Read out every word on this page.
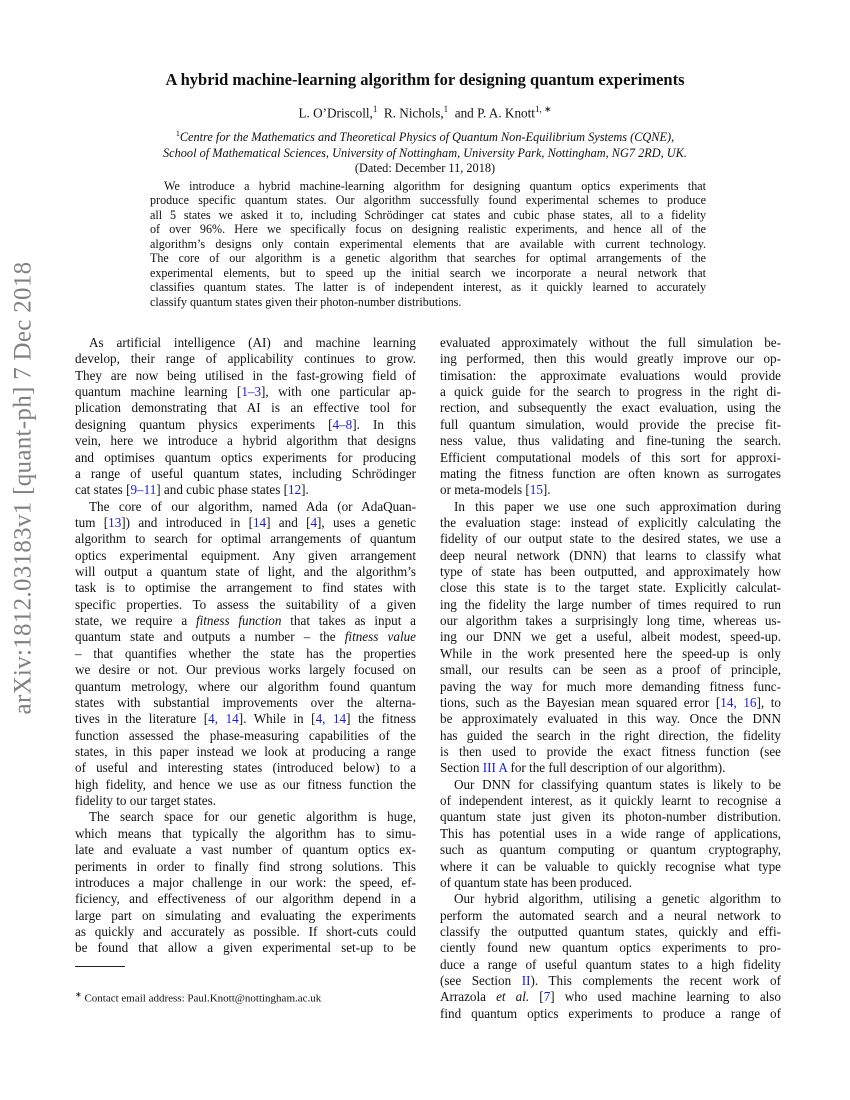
arXiv:1812.03183v1 [quant-ph] 7 Dec 2018
A hybrid machine-learning algorithm for designing quantum experiments
L. O’Driscoll,$^1$ R. Nichols,$^1$ and P. A. Knott$^{1, ∗}$
$^1$Centre for the Mathematics and Theoretical Physics of Quantum Non-Equilibrium Systems (CQNE),
School of Mathematical Sciences, University of Nottingham, University Park, Nottingham, NG7 2RD, UK.
(Dated: December 11, 2018)
We introduce a hybrid machine-learning algorithm for designing quantum optics experiments that
produce specific quantum states. Our algorithm successfully found experimental schemes to produce
all 5 states we asked it to, including Schrödinger cat states and cubic phase states, all to a fidelity
of over 96%. Here we specifically focus on designing realistic experiments, and hence all of the
algorithm’s designs only contain experimental elements that are available with current technology.
The core of our algorithm is a genetic algorithm that searches for optimal arrangements of the
experimental elements, but to speed up the initial search we incorporate a neural network that
classifies quantum states. The latter is of independent interest, as it quickly learned to accurately
classify quantum states given their photon-number distributions.
As artificial intelligence (AI) and machine learning
develop, their range of applicability continues to grow.
They are now being utilised in the fast-growing field of
quantum machine learning [1–3], with one particular ap-
plication demonstrating that AI is an effective tool for
designing quantum physics experiments [4–8]. In this
vein, here we introduce a hybrid algorithm that designs
and optimises quantum optics experiments for producing
a range of useful quantum states, including Schrödinger
cat states [9–11] and cubic phase states [12].
The core of our algorithm, named Ada (or AdaQuan-
tum [13]) and introduced in [14] and [4], uses a genetic
algorithm to search for optimal arrangements of quantum
optics experimental equipment. Any given arrangement
will output a quantum state of light, and the algorithm’s
task is to optimise the arrangement to find states with
specific properties. To assess the suitability of a given
state, we require a fitness function that takes as input a
quantum state and outputs a number – the fitness value
– that quantifies whether the state has the properties
we desire or not. Our previous works largely focused on
quantum metrology, where our algorithm found quantum
states with substantial improvements over the alterna-
tives in the literature [4, 14]. While in [4, 14] the fitness
function assessed the phase-measuring capabilities of the
states, in this paper instead we look at producing a range
of useful and interesting states (introduced below) to a
high fidelity, and hence we use as our fitness function the
fidelity to our target states.
The search space for our genetic algorithm is huge,
which means that typically the algorithm has to simu-
late and evaluate a vast number of quantum optics ex-
periments in order to finally find strong solutions. This
introduces a major challenge in our work: the speed, ef-
ficiency, and effectiveness of our algorithm depend in a
large part on simulating and evaluating the experiments
as quickly and accurately as possible. If short-cuts could
be found that allow a given experimental set-up to be
evaluated approximately without the full simulation be-
ing performed, then this would greatly improve our op-
timisation: the approximate evaluations would provide
a quick guide for the search to progress in the right di-
rection, and subsequently the exact evaluation, using the
full quantum simulation, would provide the precise fit-
ness value, thus validating and fine-tuning the search.
Efficient computational models of this sort for approxi-
mating the fitness function are often known as surrogates
or meta-models [15].
In this paper we use one such approximation during
the evaluation stage: instead of explicitly calculating the
fidelity of our output state to the desired states, we use a
deep neural network (DNN) that learns to classify what
type of state has been outputted, and approximately how
close this state is to the target state. Explicitly calculat-
ing the fidelity the large number of times required to run
our algorithm takes a surprisingly long time, whereas us-
ing our DNN we get a useful, albeit modest, speed-up.
While in the work presented here the speed-up is only
small, our results can be seen as a proof of principle,
paving the way for much more demanding fitness func-
tions, such as the Bayesian mean squared error [14, 16], to
be approximately evaluated in this way. Once the DNN
has guided the search in the right direction, the fidelity
is then used to provide the exact fitness function (see
Section III A for the full description of our algorithm).
Our DNN for classifying quantum states is likely to be
of independent interest, as it quickly learnt to recognise a
quantum state just given its photon-number distribution.
This has potential uses in a wide range of applications,
such as quantum computing or quantum cryptography,
where it can be valuable to quickly recognise what type
of quantum state has been produced.
Our hybrid algorithm, utilising a genetic algorithm to
perform the automated search and a neural network to
classify the outputted quantum states, quickly and effi-
ciently found new quantum optics experiments to pro-
duce a range of useful quantum states to a high fidelity
(see Section II). This complements the recent work of
Arrazola et al. [7] who used machine learning to also
find quantum optics experiments to produce a range of
∗ Contact email address: Paul.Knott@nottingham.ac.uk
